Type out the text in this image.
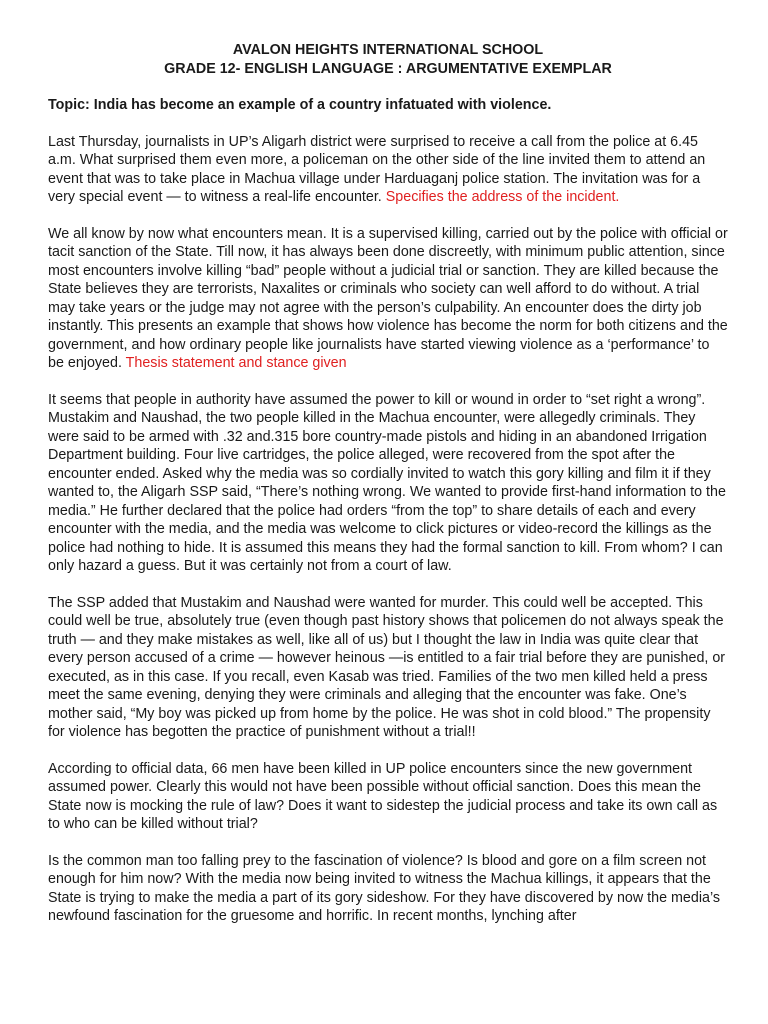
AVALON HEIGHTS INTERNATIONAL SCHOOL
GRADE 12- ENGLISH LANGUAGE : ARGUMENTATIVE EXEMPLAR
Topic: India has become an example of a country infatuated with violence.

Last Thursday, journalists in UP’s Aligarh district were surprised to receive a call from the police at 6.45 a.m. What surprised them even more, a policeman on the other side of the line invited them to attend an event that was to take place in Machua village under Harduaganj police station. The invitation was for a very special event — to witness a real-life encounter. Specifies the address of the incident.

We all know by now what encounters mean. It is a supervised killing, carried out by the police with official or tacit sanction of the State. Till now, it has always been done discreetly, with minimum public attention, since most encounters involve killing “bad” people without a judicial trial or sanction. They are killed because the State believes they are terrorists, Naxalites or criminals who society can well afford to do without. A trial may take years or the judge may not agree with the person’s culpability. An encounter does the dirty job instantly. This presents an example that shows how violence has become the norm for both citizens and the government, and how ordinary people like journalists have started viewing violence as a ‘performance’ to be enjoyed. Thesis statement and stance given

It seems that people in authority have assumed the power to kill or wound in order to “set right a wrong”. Mustakim and Naushad, the two people killed in the Machua encounter, were allegedly criminals. They were said to be armed with .32 and.315 bore country-made pistols and hiding in an abandoned Irrigation Department building. Four live cartridges, the police alleged, were recovered from the spot after the encounter ended. Asked why the media was so cordially invited to watch this gory killing and film it if they wanted to, the Aligarh SSP said, “There’s nothing wrong. We wanted to provide first-hand information to the media.” He further declared that the police had orders “from the top” to share details of each and every encounter with the media, and the media was welcome to click pictures or video-record the killings as the police had nothing to hide. It is assumed this means they had the formal sanction to kill. From whom? I can only hazard a guess. But it was certainly not from a court of law.

The SSP added that Mustakim and Naushad were wanted for murder. This could well be accepted. This could well be true, absolutely true (even though past history shows that policemen do not always speak the truth — and they make mistakes as well, like all of us) but I thought the law in India was quite clear that every person accused of a crime — however heinous —is entitled to a fair trial before they are punished, or executed, as in this case. If you recall, even Kasab was tried. Families of the two men killed held a press meet the same evening, denying they were criminals and alleging that the encounter was fake. One’s mother said, “My boy was picked up from home by the police. He was shot in cold blood.” The propensity for violence has begotten the practice of punishment without a trial!!

According to official data, 66 men have been killed in UP police encounters since the new government assumed power. Clearly this would not have been possible without official sanction. Does this mean the State now is mocking the rule of law? Does it want to sidestep the judicial process and take its own call as to who can be killed without trial?

Is the common man too falling prey to the fascination of violence? Is blood and gore on a film screen not enough for him now? With the media now being invited to witness the Machua killings, it appears that the State is trying to make the media a part of its gory sideshow. For they have discovered by now the media’s newfound fascination for the gruesome and horrific. In recent months, lynching after
